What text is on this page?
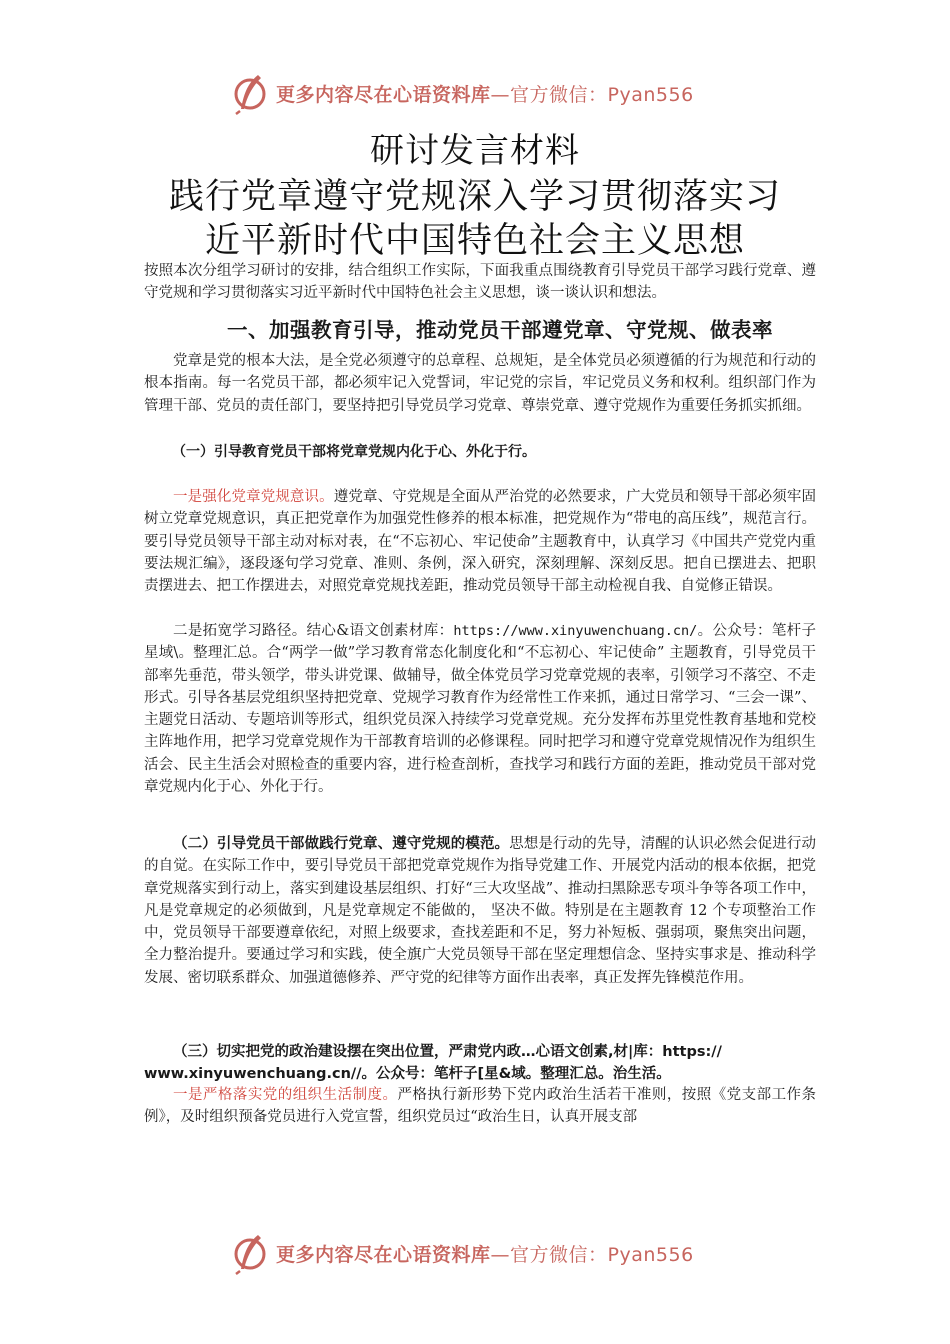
更多内容尽在心语资料库—官方微信：Pyan556
研讨发言材料
践行党章遵守党规深入学习贯彻落实习
近平新时代中国特色社会主义思想

按照本次分组学习研讨的安排，结合组织工作实际，下面我重点围绕教育引导党员干部学习践行党章、遵守党规和学习贯彻落实习近平新时代中国特色社会主义思想，谈一谈认识和想法。

一、加强教育引导，推动党员干部遵党章、守党规、做表率

党章是党的根本大法，是全党必须遵守的总章程、总规矩，是全体党员必须遵循的行为规范和行动的根本指南。每一名党员干部，都必须牢记入党誓词，牢记党的宗旨，牢记党员义务和权利。组织部门作为管理干部、党员的责任部门，要坚持把引导党员学习党章、尊崇党章、遵守党规作为重要任务抓实抓细。

（一）引导教育党员干部将党章党规内化于心、外化于行。

一是强化党章党规意识。遵党章、守党规是全面从严治党的必然要求，广大党员和领导干部必须牢固树立党章党规意识，真正把党章作为加强党性修养的根本标准，把党规作为“带电的高压线”，规范言行。要引导党员领导干部主动对标对表，在“不忘初心、牢记使命”主题教育中，认真学习《中国共产党党内重要法规汇编》，逐段逐句学习党章、准则、条例，深入研究，深刻理解、深刻反思。把自已摆进去、把职责摆进去、把工作摆进去，对照党章党规找差距，推动党员领导干部主动检视自我、自觉修正错误。

二是拓宽学习路径。结心&语文创素材库：https://www.xinyuwenchuang.cn/。公众号：笔杆子星域\。整理汇总。合“两学一做”学习教育常态化制度化和“不忘初心、牢记使命” 主题教育，引导党员干部率先垂范，带头领学，带头讲党课、做辅导，做全体党员学习党章党规的表率，引领学习不落空、不走形式。引导各基层党组织坚持把党章、党规学习教育作为经常性工作来抓，通过日常学习、“三会一课”、主题党日活动、专题培训等形式，组织党员深入持续学习党章党规。充分发挥布苏里党性教育基地和党校主阵地作用，把学习党章党规作为干部教育培训的必修课程。同时把学习和遵守党章党规情况作为组织生活会、民主生活会对照检查的重要内容，进行检查剖析，查找学习和践行方面的差距，推动党员干部对党章党规内化于心、外化于行。

（二）引导党员干部做践行党章、遵守党规的模范。思想是行动的先导，清醒的认识必然会促进行动的自觉。在实际工作中，要引导党员干部把党章党规作为指导党建工作、开展党内活动的根本依据，把党章党规落实到行动上，落实到建设基层组织、打好“三大攻坚战”、推动扫黑除恶专项斗争等各项工作中，凡是党章规定的必须做到，凡是党章规定不能做的， 坚决不做。特别是在主题教育 12 个专项整治工作中，党员领导干部要遵章依纪，对照上级要求，查找差距和不足，努力补短板、强弱项，聚焦突出问题，全力整治提升。要通过学习和实践，使全旗广大党员领导干部在坚定理想信念、坚持实事求是、推动科学发展、密切联系群众、加强道德修养、严守党的纪律等方面作出表率，真正发挥先锋模范作用。

（三）切实把党的政治建设摆在突出位置，严肃党内政…心语文创素,材|库：https://
www.xinyuwenchuang.cn//。公众号：笔杆子[星&域。整理汇总。治生活。

一是严格落实党的组织生活制度。严格执行新形势下党内政治生活若干准则，按照《党支部工作条例》，及时组织预备党员进行入党宣誓，组织党员过“政治生日，认真开展支部

更多内容尽在心语资料库—官方微信：Pyan556
